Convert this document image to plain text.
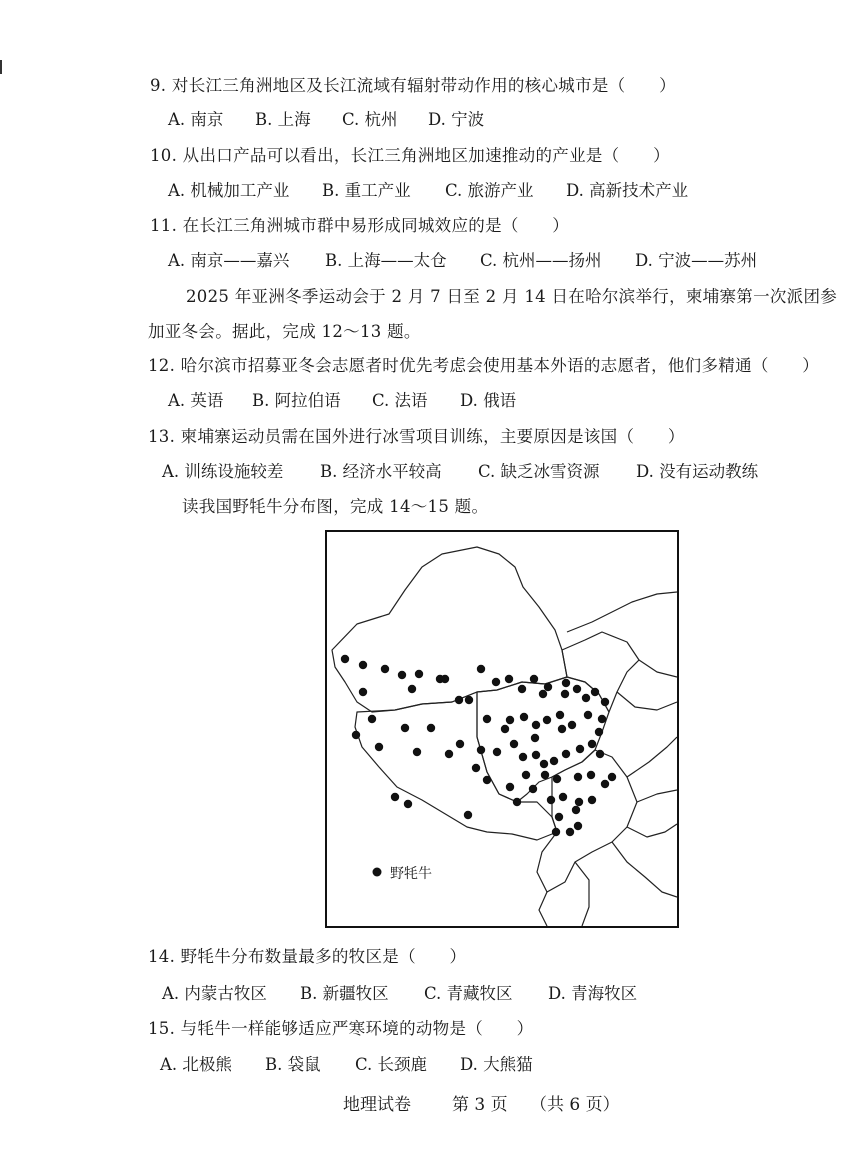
9. 对长江三角洲地区及长江流域有辐射带动作用的核心城市是（　　）
A. 南京 B. 上海 C. 杭州 D. 宁波
10. 从出口产品可以看出，长江三角洲地区加速推动的产业是（　　）
A. 机械加工产业 B. 重工产业 C. 旅游产业 D. 高新技术产业
11. 在长江三角洲城市群中易形成同城效应的是（　　）
A. 南京——嘉兴 B. 上海——太仓 C. 杭州——扬州 D. 宁波——苏州
2025 年亚洲冬季运动会于 2 月 7 日至 2 月 14 日在哈尔滨举行，柬埔寨第一次派团参
加亚冬会。据此，完成 12～13 题。
12. 哈尔滨市招募亚冬会志愿者时优先考虑会使用基本外语的志愿者，他们多精通（　　）
A. 英语 B. 阿拉伯语 C. 法语 D. 俄语
13. 柬埔寨运动员需在国外进行冰雪项目训练，主要原因是该国（　　）
A. 训练设施较差 B. 经济水平较高 C. 缺乏冰雪资源 D. 没有运动教练
读我国野牦牛分布图，完成 14～15 题。
野牦牛
14. 野牦牛分布数量最多的牧区是（　　）
A. 内蒙古牧区 B. 新疆牧区 C. 青藏牧区 D. 青海牧区
15. 与牦牛一样能够适应严寒环境的动物是（　　）
A. 北极熊 B. 袋鼠 C. 长颈鹿 D. 大熊猫
地理试卷 第 3 页 （共 6 页）
